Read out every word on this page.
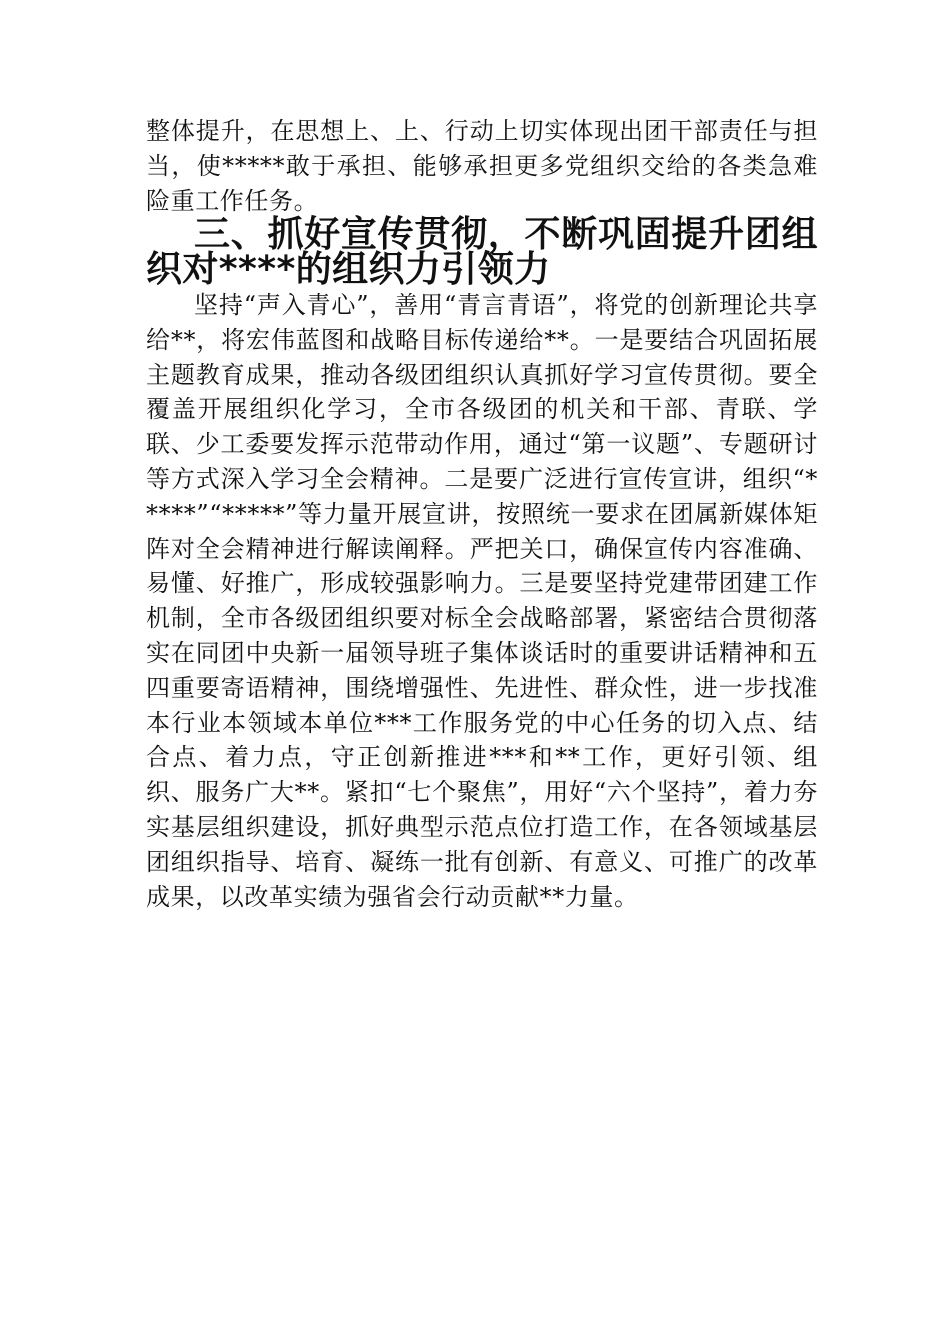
整体提升，在思想上、上、行动上切实体现出团干部责任与担当，使*****敢于承担、能够承担更多党组织交给的各类急难险重工作任务。

三、抓好宣传贯彻，不断巩固提升团组织对****的组织力引领力

坚持“声入青心”，善用“青言青语”，将党的创新理论共享给**，将宏伟蓝图和战略目标传递给**。一是要结合巩固拓展主题教育成果，推动各级团组织认真抓好学习宣传贯彻。要全覆盖开展组织化学习，全市各级团的机关和干部、青联、学联、少工委要发挥示范带动作用，通过“第一议题”、专题研讨等方式深入学习全会精神。二是要广泛进行宣传宣讲，组织“*****”“*****”等力量开展宣讲，按照统一要求在团属新媒体矩阵对全会精神进行解读阐释。严把关口，确保宣传内容准确、易懂、好推广，形成较强影响力。三是要坚持党建带团建工作机制，全市各级团组织要对标全会战略部署，紧密结合贯彻落实在同团中央新一届领导班子集体谈话时的重要讲话精神和五四重要寄语精神，围绕增强性、先进性、群众性，进一步找准本行业本领域本单位***工作服务党的中心任务的切入点、结合点、着力点，守正创新推进***和**工作，更好引领、组织、服务广大**。紧扣“七个聚焦”，用好“六个坚持”，着力夯实基层组织建设，抓好典型示范点位打造工作，在各领域基层团组织指导、培育、凝练一批有创新、有意义、可推广的改革成果，以改革实绩为强省会行动贡献**力量。
